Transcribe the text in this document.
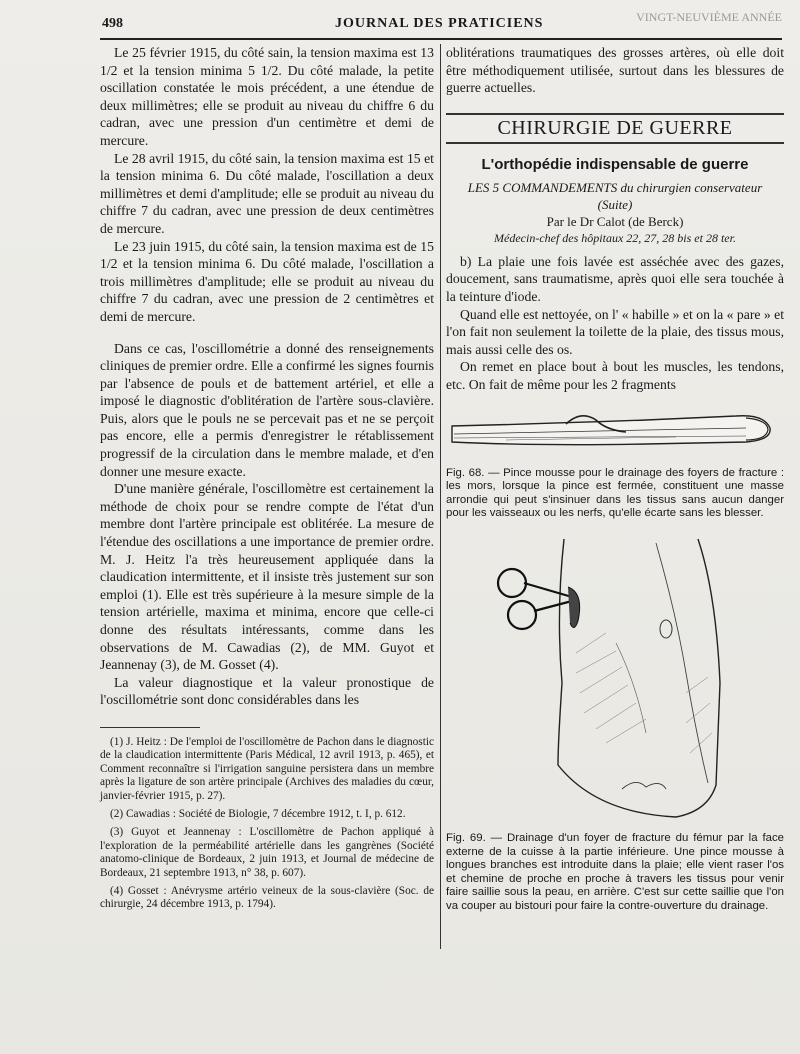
498	JOURNAL DES PRATICIENS	VINGT-NEUVIÈME ANNÉE

Le 25 février 1915, du côté sain, la tension maxima est 13 1/2 et la tension minima 5 1/2. Du côté malade, la petite oscillation constatée le mois précédent, a une étendue de deux millimètres; elle se produit au niveau du chiffre 6 du cadran, avec une pression d'un centimètre et demi de mercure.

Le 28 avril 1915, du côté sain, la tension maxima est 15 et la tension minima 6. Du côté malade, l'oscillation a deux millimètres et demi d'amplitude; elle se produit au niveau du chiffre 7 du cadran, avec une pression de deux centimètres de mercure.

Le 23 juin 1915, du côté sain, la tension maxima est de 15 1/2 et la tension minima 6. Du côté malade, l'oscillation a trois millimètres d'amplitude; elle se produit au niveau du chiffre 7 du cadran, avec une pression de 2 centimètres et demi de mercure.

Dans ce cas, l'oscillométrie a donné des renseignements cliniques de premier ordre. Elle a confirmé les signes fournis par l'absence de pouls et de battement artériel, et elle a imposé le diagnostic d'oblitération de l'artère sous-clavière. Puis, alors que le pouls ne se percevait pas et ne se perçoit pas encore, elle a permis d'enregistrer le rétablissement progressif de la circulation dans le membre malade, et d'en donner une mesure exacte.

D'une manière générale, l'oscillomètre est certainement la méthode de choix pour se rendre compte de l'état d'un membre dont l'artère principale est oblitérée. La mesure de l'étendue des oscillations a une importance de premier ordre. M. J. Heitz l'a très heureusement appliquée dans la claudication intermittente, et il insiste très justement sur son emploi (1). Elle est très supérieure à la mesure simple de la tension artérielle, maxima et minima, encore que celle-ci donne des résultats intéressants, comme dans les observations de M. Cawadias (2), de MM. Guyot et Jeannenay (3), de M. Gosset (4).

La valeur diagnostique et la valeur pronostique de l'oscillométrie sont donc considérables dans les

(1) J. Heitz : De l'emploi de l'oscillomètre de Pachon dans le diagnostic de la claudication intermittente (Paris Médical, 12 avril 1913, p. 465), et Comment reconnaître si l'irrigation sanguine persistera dans un membre après la ligature de son artère principale (Archives des maladies du cœur, janvier-février 1915, p. 27).

(2) Cawadias : Société de Biologie, 7 décembre 1912, t. I, p. 612.

(3) Guyot et Jeannenay : L'oscillomètre de Pachon appliqué à l'exploration de la perméabilité artérielle dans les gangrènes (Société anatomo-clinique de Bordeaux, 2 juin 1913, et Journal de médecine de Bordeaux, 21 septembre 1913, n° 38, p. 607).

(4) Gosset : Anévrysme artério veineux de la sous-clavière (Soc. de chirurgie, 24 décembre 1913, p. 1794).

oblitérations traumatiques des grosses artères, où elle doit être méthodiquement utilisée, surtout dans les blessures de guerre actuelles.

CHIRURGIE DE GUERRE
L'orthopédie indispensable de guerre

LES 5 COMMANDEMENTS du chirurgien conservateur

(Suite)

Par le Dr Calot (de Berck)

Médecin-chef des hôpitaux 22, 27, 28 bis et 28 ter.

b) La plaie une fois lavée est asséchée avec des gazes, doucement, sans traumatisme, après quoi elle sera touchée à la teinture d'iode.

Quand elle est nettoyée, on l' « habille » et on la « pare » et l'on fait non seulement la toilette de la plaie, des tissus mous, mais aussi celle des os.

On remet en place bout à bout les muscles, les tendons, etc. On fait de même pour les 2 fragments

Fig. 68. — Pince mousse pour le drainage des foyers de fracture : les mors, lorsque la pince est fermée, constituent une masse arrondie qui peut s'insinuer dans les tissus sans aucun danger pour les vaisseaux ou les nerfs, qu'elle écarte sans les blesser.

Fig. 69. — Drainage d'un foyer de fracture du fémur par la face externe de la cuisse à la partie inférieure. Une pince mousse à longues branches est introduite dans la plaie; elle vient raser l'os et chemine de proche en proche à travers les tissus pour venir faire saillie sous la peau, en arrière. C'est sur cette saillie que l'on va couper au bistouri pour faire la contre-ouverture du drainage.
